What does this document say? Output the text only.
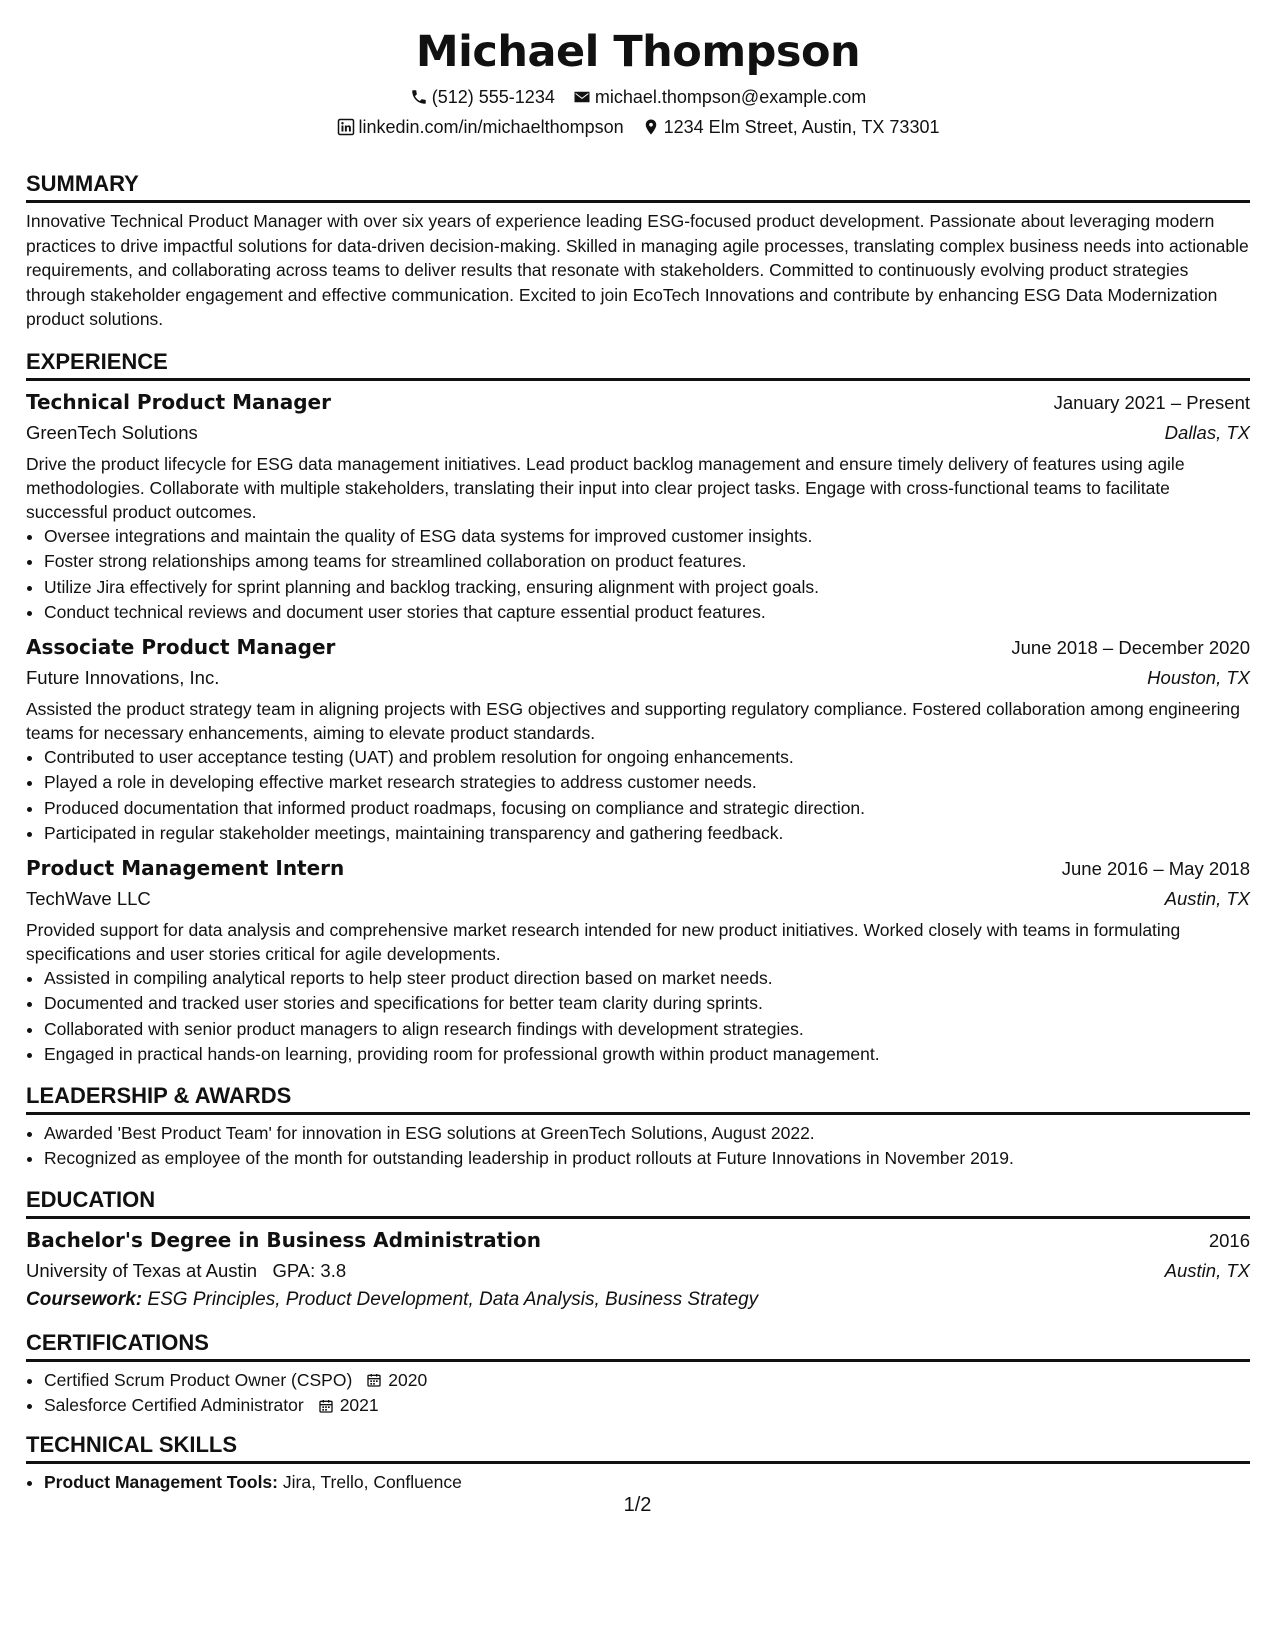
Michael Thompson
(512) 555-1234 michael.thompson@example.com
linkedin.com/in/michaelthompson 1234 Elm Street, Austin, TX 73301
SUMMARY
Innovative Technical Product Manager with over six years of experience leading ESG-focused product development. Passionate about leveraging modern practices to drive impactful solutions for data-driven decision-making. Skilled in managing agile processes, translating complex business needs into actionable requirements, and collaborating across teams to deliver results that resonate with stakeholders. Committed to continuously evolving product strategies through stakeholder engagement and effective communication. Excited to join EcoTech Innovations and contribute by enhancing ESG Data Modernization product solutions.
EXPERIENCE
Technical Product Manager	January 2021 – Present
GreenTech Solutions	Dallas, TX
Drive the product lifecycle for ESG data management initiatives. Lead product backlog management and ensure timely delivery of features using agile methodologies. Collaborate with multiple stakeholders, translating their input into clear project tasks. Engage with cross-functional teams to facilitate successful product outcomes.
• Oversee integrations and maintain the quality of ESG data systems for improved customer insights.
• Foster strong relationships among teams for streamlined collaboration on product features.
• Utilize Jira effectively for sprint planning and backlog tracking, ensuring alignment with project goals.
• Conduct technical reviews and document user stories that capture essential product features.
Associate Product Manager	June 2018 – December 2020
Future Innovations, Inc.	Houston, TX
Assisted the product strategy team in aligning projects with ESG objectives and supporting regulatory compliance. Fostered collaboration among engineering teams for necessary enhancements, aiming to elevate product standards.
• Contributed to user acceptance testing (UAT) and problem resolution for ongoing enhancements.
• Played a role in developing effective market research strategies to address customer needs.
• Produced documentation that informed product roadmaps, focusing on compliance and strategic direction.
• Participated in regular stakeholder meetings, maintaining transparency and gathering feedback.
Product Management Intern	June 2016 – May 2018
TechWave LLC	Austin, TX
Provided support for data analysis and comprehensive market research intended for new product initiatives. Worked closely with teams in formulating specifications and user stories critical for agile developments.
• Assisted in compiling analytical reports to help steer product direction based on market needs.
• Documented and tracked user stories and specifications for better team clarity during sprints.
• Collaborated with senior product managers to align research findings with development strategies.
• Engaged in practical hands-on learning, providing room for professional growth within product management.
LEADERSHIP & AWARDS
• Awarded 'Best Product Team' for innovation in ESG solutions at GreenTech Solutions, August 2022.
• Recognized as employee of the month for outstanding leadership in product rollouts at Future Innovations in November 2019.
EDUCATION
Bachelor's Degree in Business Administration	2016
University of Texas at Austin GPA: 3.8	Austin, TX
Coursework: ESG Principles, Product Development, Data Analysis, Business Strategy
CERTIFICATIONS
• Certified Scrum Product Owner (CSPO) 2020
• Salesforce Certified Administrator 2021
TECHNICAL SKILLS
• Product Management Tools: Jira, Trello, Confluence
1/2
